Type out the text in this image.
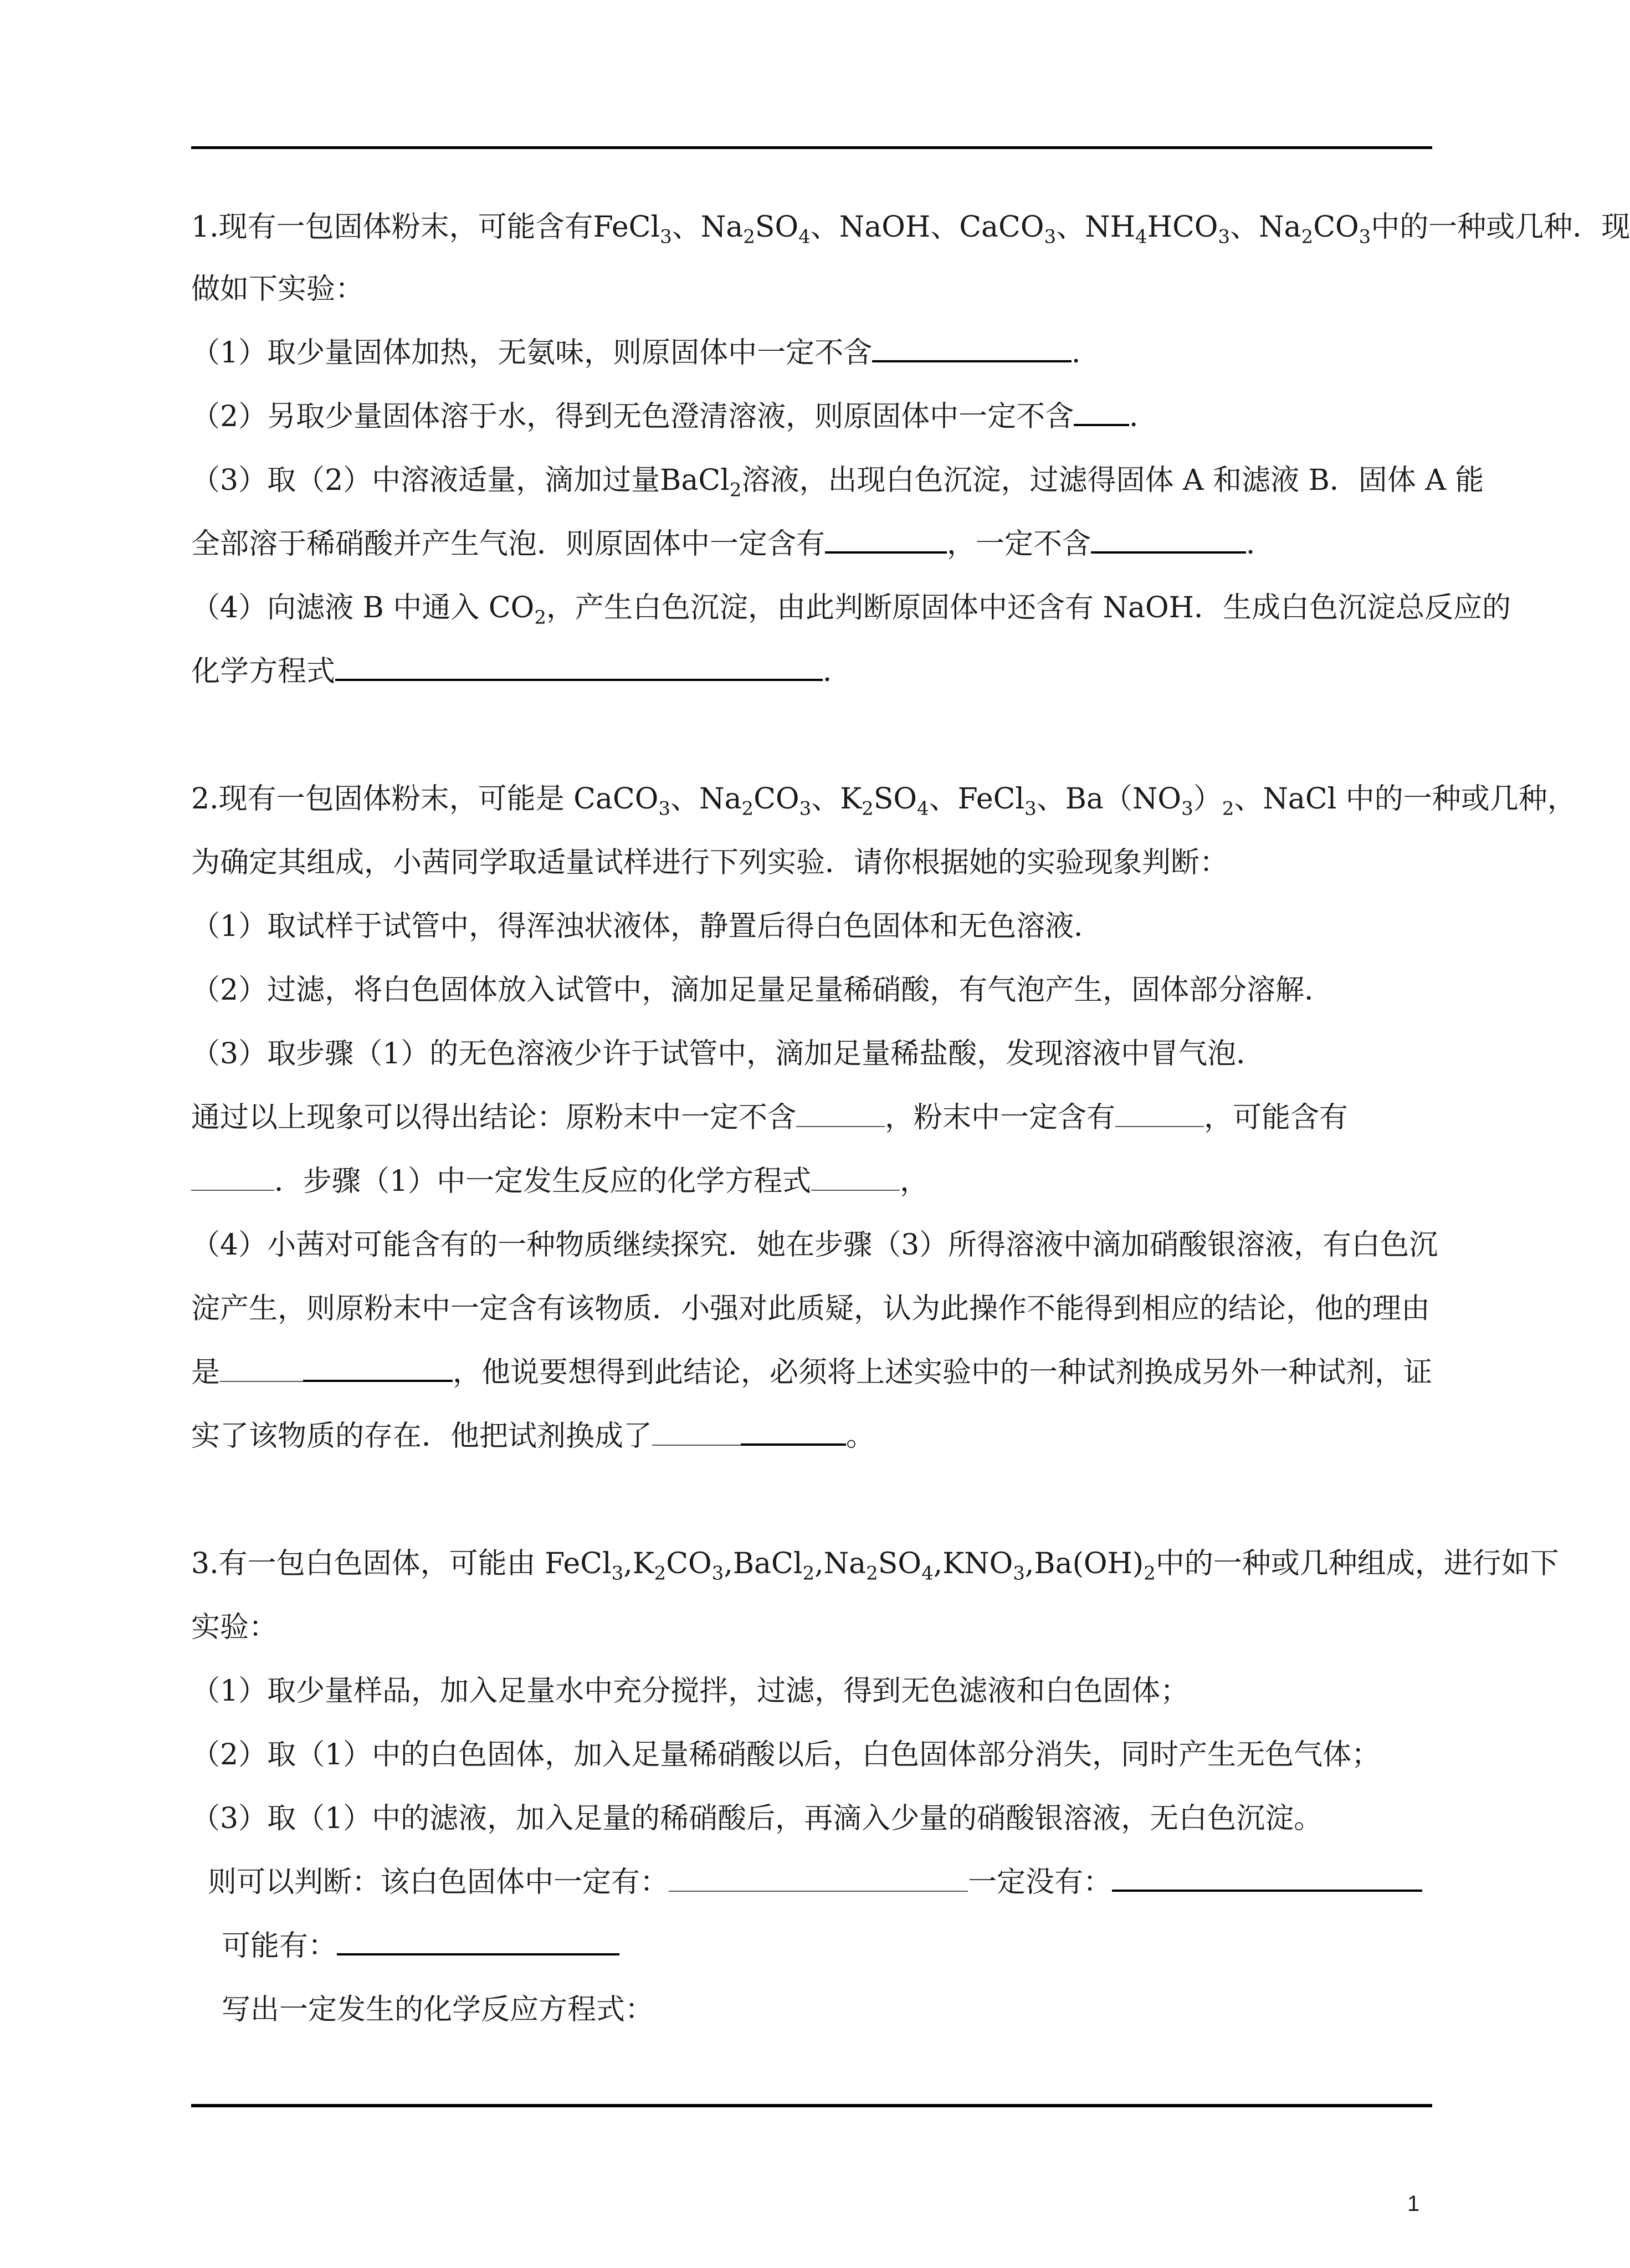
1.现有一包固体粉末，可能含有FeCl$_3$、$Na_2SO_4$、NaOH、CaCO$_3$、$NH_4HCO_3$、$Na_2CO_3$中的一种或几种．现
做如下实验：
（1）取少量固体加热，无氨味，则原固体中一定不含	．
（2）另取少量固体溶于水，得到无色澄清溶液，则原固体中一定不含 ．
（3）取（2）中溶液适量，滴加过量BaCl$_2$溶液，出现白色沉淀，过滤得固体 A 和滤液 B．固体 A 能
全部溶于稀硝酸并产生气泡．则原固体中一定含有	，一定不含	．
（4）向滤液 B 中通入 $CO_2$，产生白色沉淀，由此判断原固体中还含有 NaOH．生成白色沉淀总反应的
化学方程式	．
2.现有一包固体粉末，可能是 CaCO$_3$、$Na_2CO_3$、$K_2SO_4$、FeCl$_3$、$Ba(NO_3)_2$、NaCl 中的一种或几种，
为确定其组成，小茜同学取适量试样进行下列实验．请你根据她的实验现象判断：
（1）取试样于试管中，得浑浊状液体，静置后得白色固体和无色溶液．
（2）过滤，将白色固体放入试管中，滴加足量足量稀硝酸，有气泡产生，固体部分溶解．
（3）取步骤（1）的无色溶液少许于试管中，滴加足量稀盐酸，发现溶液中冒气泡．
通过以上现象可以得出结论：原粉末中一定不含	，粉末中一定含有	，可能含有
．步骤（1）中一定发生反应的化学方程式	，
（4）小茜对可能含有的一种物质继续探究．她在步骤（3）所得溶液中滴加硝酸银溶液，有白色沉
淀产生，则原粉末中一定含有该物质．小强对此质疑，认为此操作不能得到相应的结论，他的理由
是	，他说要想得到此结论，必须将上述实验中的一种试剂换成另外一种试剂，证
实了该物质的存在．他把试剂换成了	。
3.有一包白色固体，可能由 $FeCl_3,K_2CO_3,BaCl_2,Na_2SO_4,KNO_3,Ba(OH)_2$中的一种或几种组成，进行如下
实验：
（1）取少量样品，加入足量水中充分搅拌，过滤，得到无色滤液和白色固体；
（2）取（1）中的白色固体，加入足量稀硝酸以后，白色固体部分消失，同时产生无色气体；
（3）取（1）中的滤液，加入足量的稀硝酸后，再滴入少量的硝酸银溶液，无白色沉淀。
则可以判断：该白色固体中一定有：	一定没有：
可能有：
写出一定发生的化学反应方程式：
1
